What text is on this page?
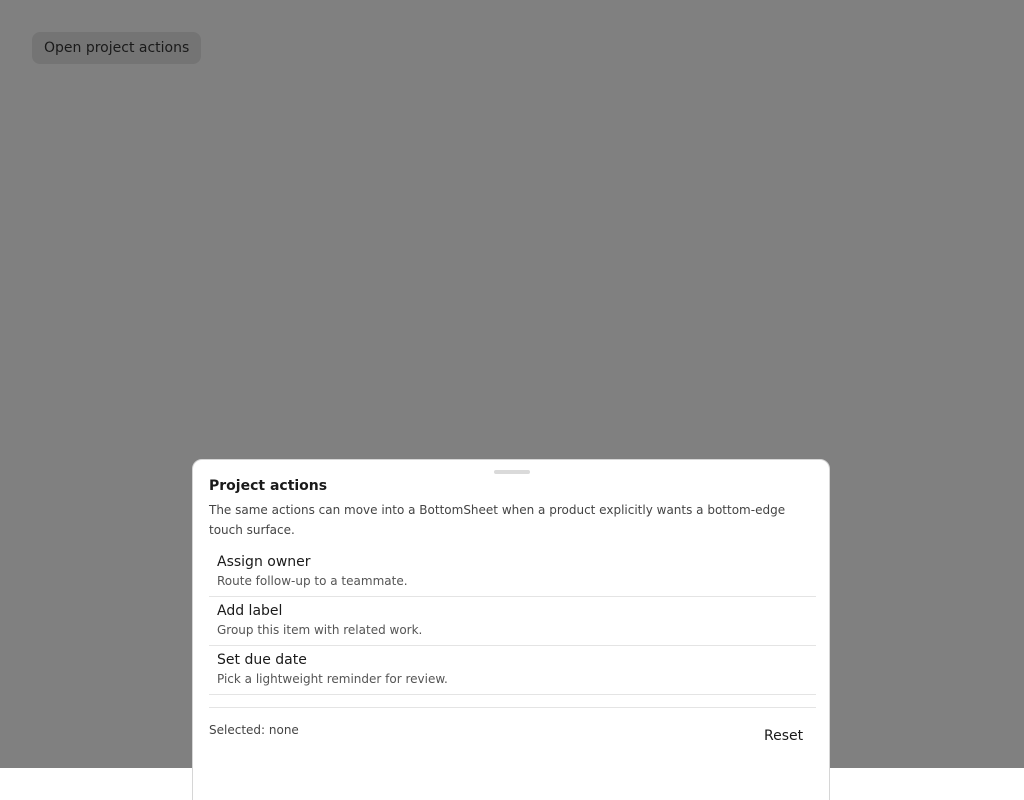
Open project actions
Project actions

The same actions can move into a BottomSheet when a product explicitly wants a bottom-edge touch surface.

Assign owner
Route follow-up to a teammate.
Add label
Group this item with related work.
Set due date
Pick a lightweight reminder for review.
Selected: none	Reset
